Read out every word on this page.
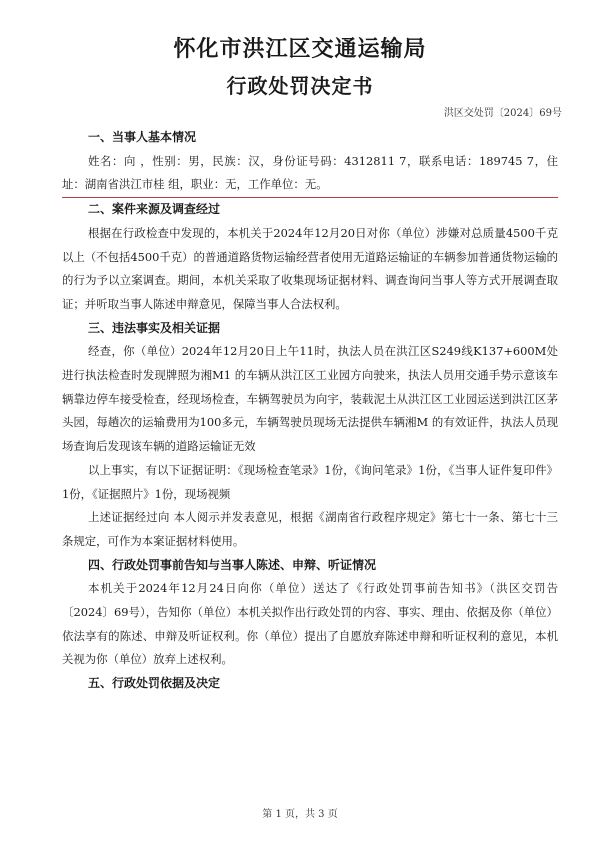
怀化市洪江区交通运输局
行政处罚决定书
洪区交处罚〔2024〕69号
一、当事人基本情况

姓名：向 ，性别：男，民族：汉，身份证号码：4312811 7，联系电话：189745 7，住址：湖南省洪江市桂 组，职业：无，工作单位：无。

二、案件来源及调查经过

根据在行政检查中发现的，本机关于2024年12月20日对你（单位）涉嫌对总质量4500千克以上（不包括4500千克）的普通道路货物运输经营者使用无道路运输证的车辆参加普通货物运输的的行为予以立案调查。期间，本机关采取了收集现场证据材料、调查询问当事人等方式开展调查取证；并听取当事人陈述申辩意见，保障当事人合法权利。

三、违法事实及相关证据

经查，你（单位）2024年12月20日上午11时，执法人员在洪江区S249线K137+600M处进行执法检查时发现牌照为湘M1 的车辆从洪江区工业园方向驶来，执法人员用交通手势示意该车辆靠边停车接受检查，经现场检查，车辆驾驶员为向宇，装载泥土从洪江区工业园运送到洪江区茅头园，每趟次的运输费用为100多元，车辆驾驶员现场无法提供车辆湘M 的有效证件，执法人员现场查询后发现该车辆的道路运输证无效

以上事实，有以下证据证明：《现场检查笔录》1份，《询问笔录》1份，《当事人证件复印件》1份，《证据照片》1份，现场视频

上述证据经过向 本人阅示并发表意见，根据《湖南省行政程序规定》第七十一条、第七十三条规定，可作为本案证据材料使用。

四、行政处罚事前告知与当事人陈述、申辩、听证情况

本机关于2024年12月24日向你（单位）送达了《行政处罚事前告知书》（洪区交罚告〔2024〕69号），告知你（单位）本机关拟作出行政处罚的内容、事实、理由、依据及你（单位）依法享有的陈述、申辩及听证权利。你（单位）提出了自愿放弃陈述申辩和听证权利的意见，本机关视为你（单位）放弃上述权利。

五、行政处罚依据及决定
第 1 页，共 3 页
